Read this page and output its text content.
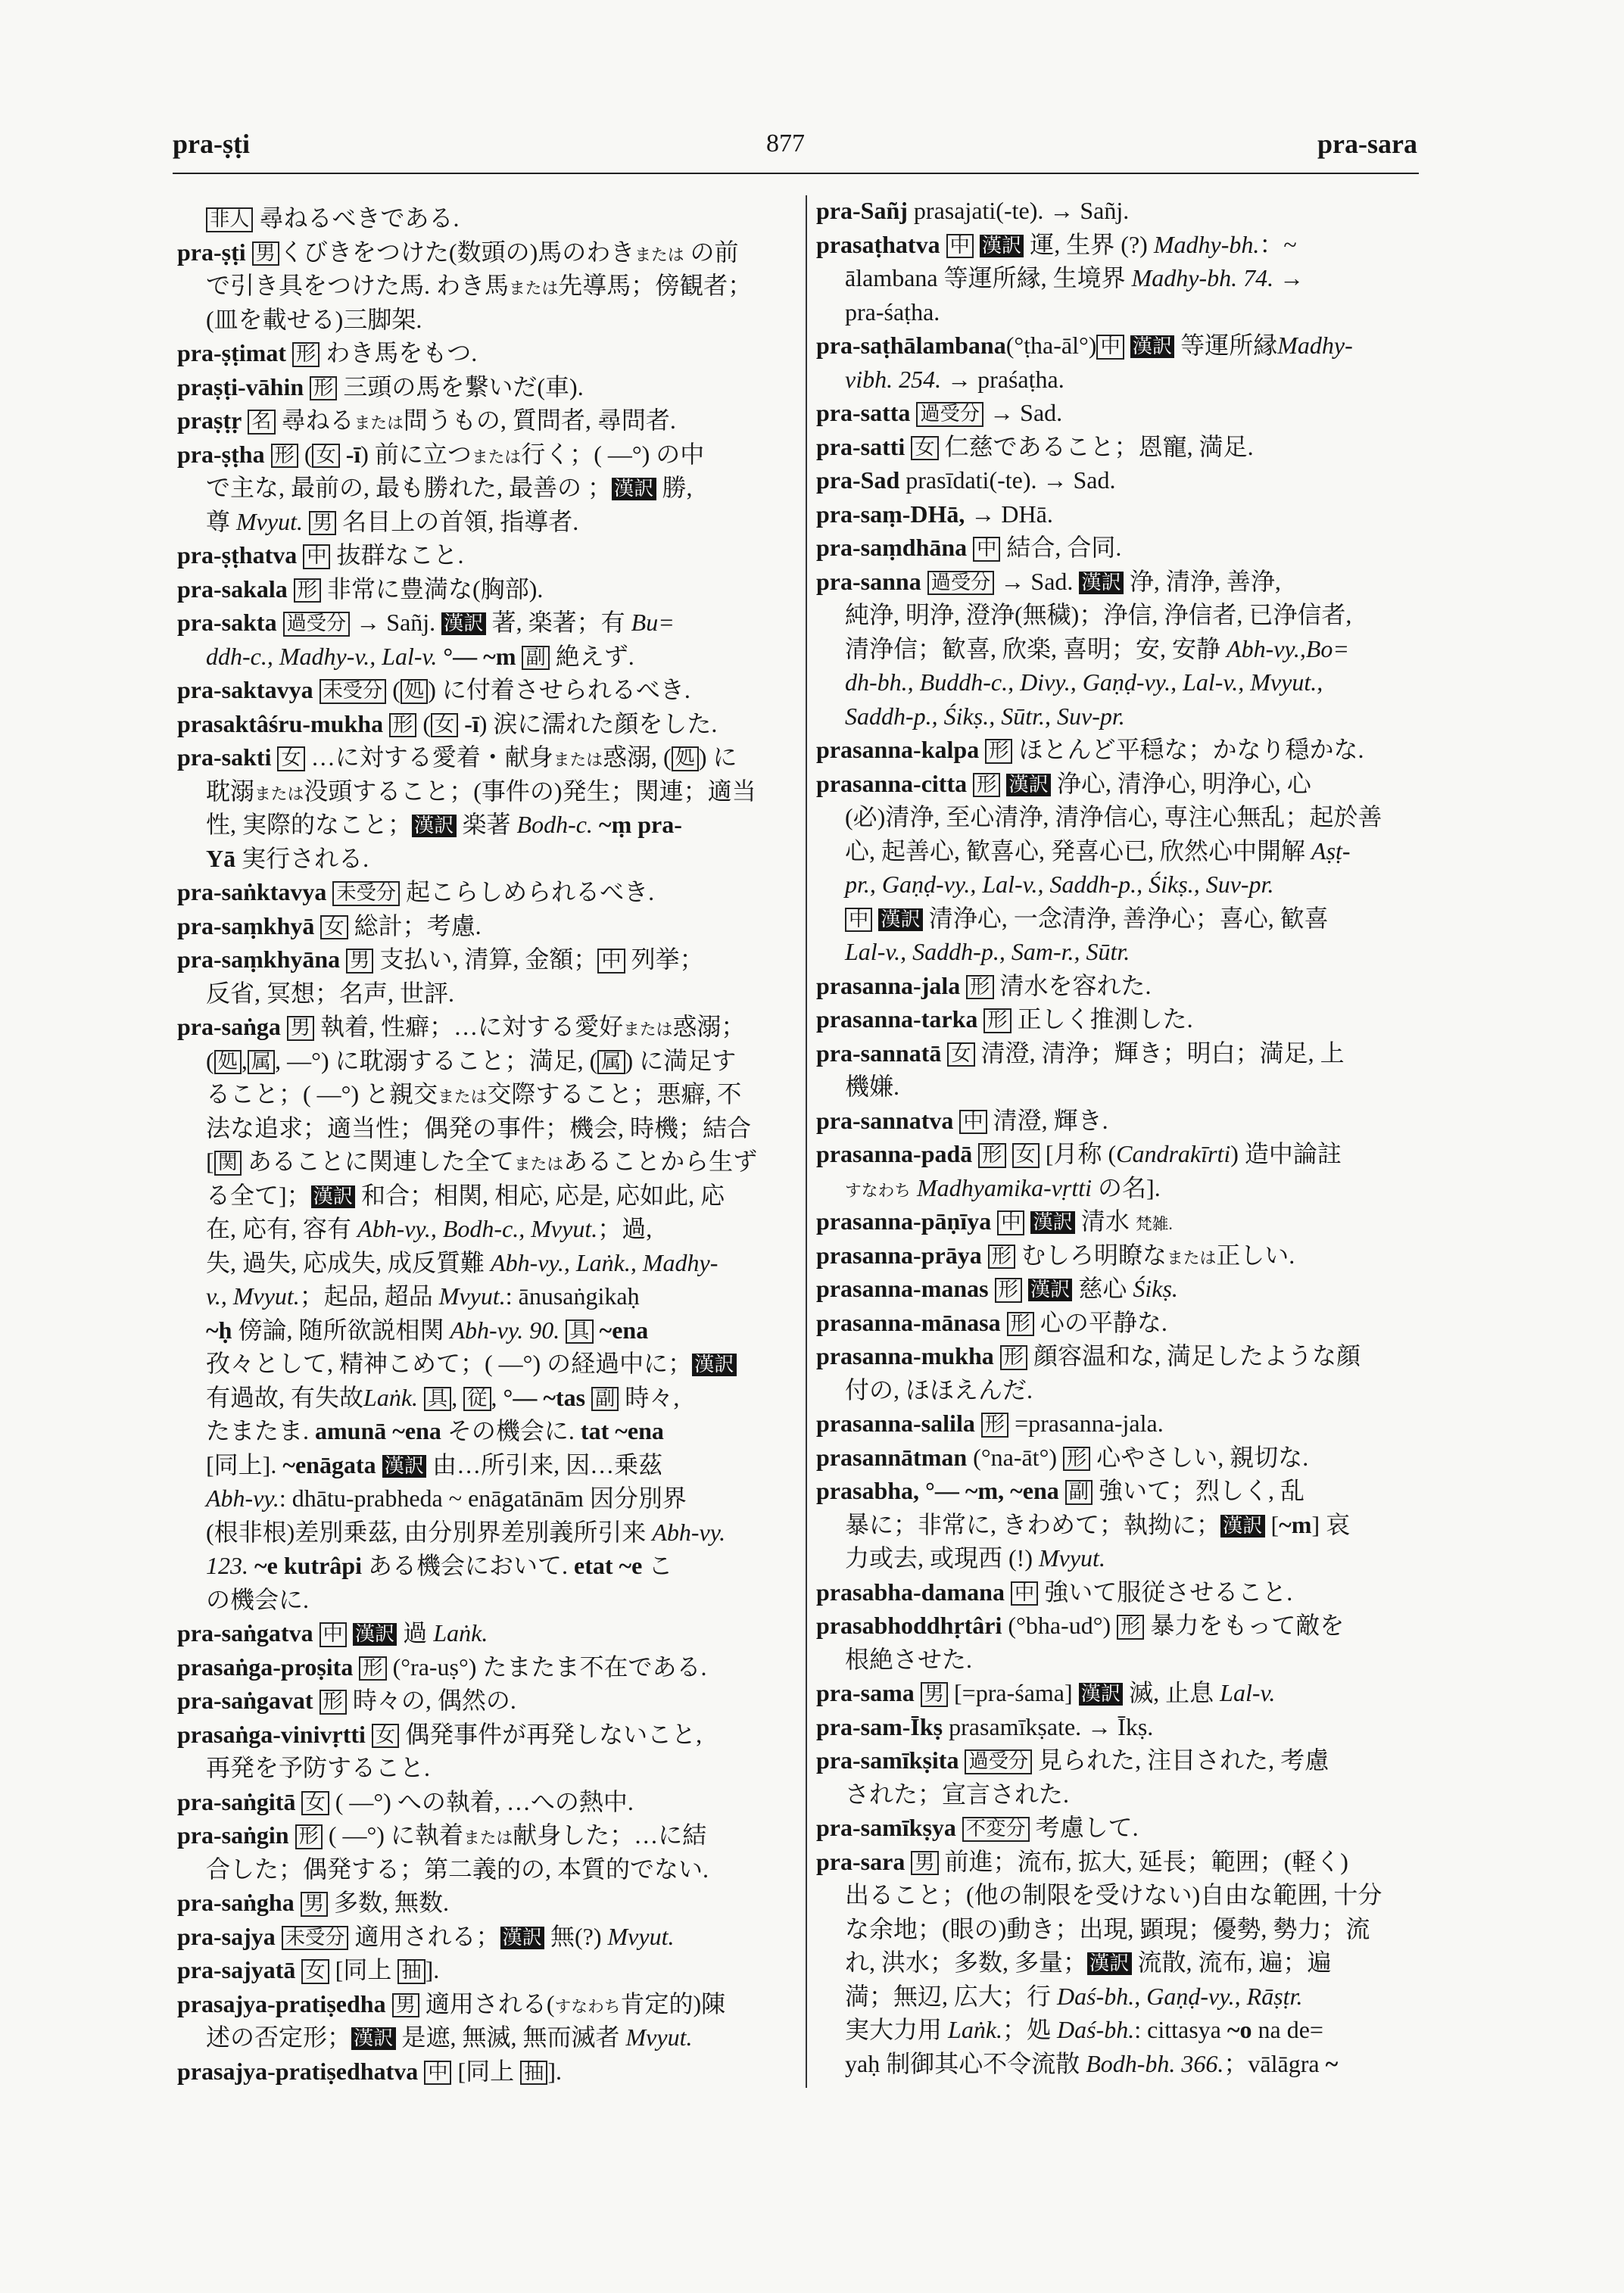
pra-ṣṭi	877	pra-sara
非人 尋ねるべきである.
pra-ṣṭi 男 くびきをつけた(数頭の)馬のわきまたは の前
で引き具をつけた馬. わき馬または先導馬；傍観者；
(皿を載せる)三脚架.
pra-ṣṭimat 形 わき馬をもつ.
praṣṭi-vāhin 形 三頭の馬を繋いだ(車).
praṣṭṛ 名 尋ねるまたは問うもの, 質問者, 尋問者.
pra-ṣṭha 形 ( 女 -ī) 前に立つまたは行く；( —°) の中
で主な, 最前の, 最も勝れた, 最善の ； 漢訳 勝,
尊 Mvyut. 男 名目上の首領, 指導者.
pra-ṣṭhatva 中 抜群なこと.
pra-sakala 形 非常に豊満な(胸部).
pra-sakta 過受分 → Sañj. 漢訳 著, 楽著；有 Bu=
ddh-c., Madhy-v., Lal-v. °— ~m 副 絶えず.
pra-saktavya 未受分 ( 処 ) に付着させられるべき.
prasaktâśru-mukha 形 ( 女 -ī) 涙に濡れた顔をした.
pra-sakti 女 …に対する愛着・献身または惑溺, ( 処 ) に
耽溺または没頭すること；(事件の)発生；関連；適当
性, 実際的なこと； 漢訳 楽著 Bodh-c. ~ṃ pra-
Yā 実行される.
pra-saṅktavya 未受分 起こらしめられるべき.
pra-saṃkhyā 女 総計；考慮.
pra-saṃkhyāna 男 支払い, 清算, 金額； 中 列挙；
反省, 冥想；名声, 世評.
pra-saṅga 男 執着, 性癖；…に対する愛好または惑溺；
( 処 , 属 , —°) に耽溺すること；満足, ( 属 ) に満足す
ること；( —°) と親交または交際すること；悪癖, 不
法な追求；適当性；偶発の事件；機会, 時機；結合
[ 関 あることに関連した全てまたはあることから生ず
る全て]； 漢訳 和合；相関, 相応, 応是, 応如此, 応
在, 応有, 容有 Abh-vy., Bodh-c., Mvyut.；過,
失, 過失, 応成失, 成反質難 Abh-vy., Laṅk., Madhy-
v., Mvyut.；起品, 超品 Mvyut.: ānusaṅgikaḥ
~ḥ 傍論, 随所欲説相関 Abh-vy. 90. 具 ~ena
孜々として, 精神こめて；( —°) の経過中に； 漢訳
有過故, 有失故Laṅk. 具 , 従 , °— ~tas 副 時々,
たまたま. amunā ~ena その機会に. tat ~ena
[同上]. ~enāgata 漢訳 由…所引来, 因…乗茲
Abh-vy.: dhātu-prabheda ~ enāgatānām 因分別界
(根非根)差別乗茲, 由分別界差別義所引来 Abh-vy.
123. ~e kutrâpi ある機会において. etat ~e こ
の機会に.
pra-saṅgatva 中 漢訳 過 Laṅk.
prasaṅga-proṣita 形 (°ra-uṣ°) たまたま不在である.
pra-saṅgavat 形 時々の, 偶然の.
prasaṅga-vinivṛtti 女 偶発事件が再発しないこと,
再発を予防すること.
pra-saṅgitā 女 ( —°) への執着, …への熱中.
pra-saṅgin 形 ( —°) に執着または献身した；…に結
合した；偶発する；第二義的の, 本質的でない.
pra-saṅgha 男 多数, 無数.
pra-sajya 未受分 適用される； 漢訳 無(?) Mvyut.
pra-sajyatā 女 [同上 抽 ].
prasajya-pratiṣedha 男 適用される(すなわち肯定的)陳
述の否定形； 漢訳 是遮, 無滅, 無而滅者 Mvyut.
prasajya-pratiṣedhatva 中 [同上 抽 ].
pra-Sañj prasajati(-te). → Sañj.
prasaṭhatva 中 漢訳 運, 生界 (?) Madhy-bh.：~
ālambana 等運所縁, 生境界 Madhy-bh. 74. →
pra-śaṭha.
pra-saṭhālambana(°ṭha-āl°) 中 漢訳 等運所縁Madhy-
vibh. 254. → praśaṭha.
pra-satta 過受分 → Sad.
pra-satti 女 仁慈であること；恩寵, 満足.
pra-Sad prasīdati(-te). → Sad.
pra-saṃ-DHā, → DHā.
pra-saṃdhāna 中 結合, 合同.
pra-sanna 過受分 → Sad. 漢訳 浄, 清浄, 善浄,
純浄, 明浄, 澄浄(無穢)；浄信, 浄信者, 已浄信者,
清浄信；歓喜, 欣楽, 喜明；安, 安静 Abh-vy.,Bo=
dh-bh., Buddh-c., Divy., Gaṇḍ-vy., Lal-v., Mvyut.,
Saddh-p., Śikṣ., Sūtr., Suv-pr.
prasanna-kalpa 形 ほとんど平穏な；かなり穏かな.
prasanna-citta 形 漢訳 浄心, 清浄心, 明浄心, 心
(必)清浄, 至心清浄, 清浄信心, 専注心無乱；起於善
心, 起善心, 歓喜心, 発喜心已, 欣然心中開解 Aṣṭ-
pr., Gaṇḍ-vy., Lal-v., Saddh-p., Śikṣ., Suv-pr.
中 漢訳 清浄心, 一念清浄, 善浄心；喜心, 歓喜
Lal-v., Saddh-p., Sam-r., Sūtr.
prasanna-jala 形 清水を容れた.
prasanna-tarka 形 正しく推測した.
pra-sannatā 女 清澄, 清浄；輝き；明白；満足, 上
機嫌.
pra-sannatva 中 清澄, 輝き.
prasanna-padā 形 女 [月称 (Candrakīrti) 造中論註
すなわち Madhyamika-vṛtti の名].
prasanna-pāṇīya 中 漢訳 清水 梵雑.
prasanna-prāya 形 むしろ明瞭なまたは正しい.
prasanna-manas 形 漢訳 慈心 Śikṣ.
prasanna-mānasa 形 心の平静な.
prasanna-mukha 形 顔容温和な, 満足したような顔
付の, ほほえんだ.
prasanna-salila 形 =prasanna-jala.
prasannātman (°na-āt°) 形 心やさしい, 親切な.
prasabha, °— ~m, ~ena 副 強いて；烈しく, 乱
暴に；非常に, きわめて；執拗に； 漢訳 [~m] 哀
力或去, 或現西 (!) Mvyut.
prasabha-damana 中 強いて服従させること.
prasabhoddhṛtâri (°bha-ud°) 形 暴力をもって敵を
根絶させた.
pra-sama 男 [=pra-śama] 漢訳 滅, 止息 Lal-v.
pra-sam-Īkṣ prasamīkṣate. → Īkṣ.
pra-samīkṣita 過受分 見られた, 注目された, 考慮
された；宣言された.
pra-samīkṣya 不変分 考慮して.
pra-sara 男 前進；流布, 拡大, 延長；範囲；(軽く)
出ること；(他の制限を受けない)自由な範囲, 十分
な余地；(眼の)動き；出現, 顕現；優勢, 勢力；流
れ, 洪水；多数, 多量； 漢訳 流散, 流布, 遍；遍
満；無辺, 広大；行 Daś-bh., Gaṇḍ-vy., Rāṣṭr.
実大力用 Laṅk.；処 Daś-bh.: cittasya ~o na de=
yaḥ 制御其心不令流散 Bodh-bh. 366.；vālāgra ~
